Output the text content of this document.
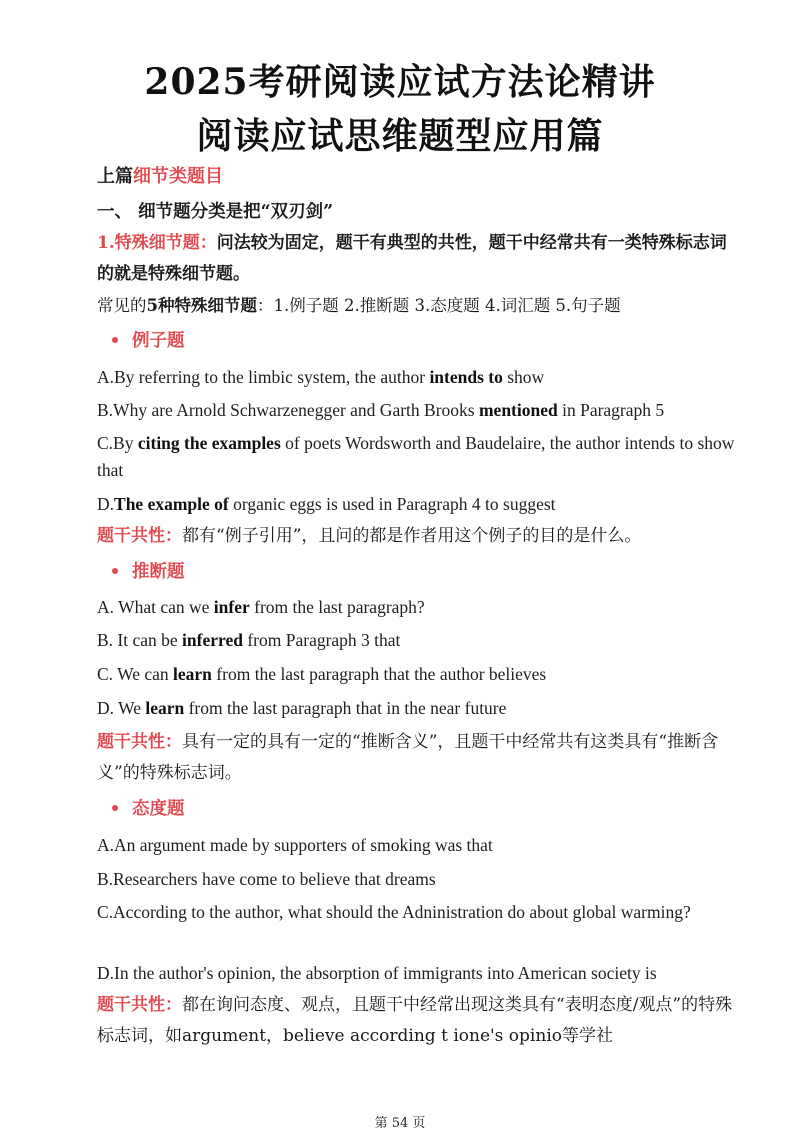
2025考研阅读应试方法论精讲
阅读应试思维题型应用篇
上篇细节类题目
一、 细节题分类是把“双刃剑”
1.特殊细节题：问法较为固定，题干有典型的共性，题干中经常共有一类特殊标志词的就是特殊细节题。
常见的5种特殊细节题：1.例子题 2.推断题 3.态度题 4.词汇题 5.句子题
例子题
A.By referring to the limbic system, the author intends to show
B.Why are Arnold Schwarzenegger and Garth Brooks mentioned in Paragraph 5
C.By citing the examples of poets Wordsworth and Baudelaire, the author intends to show that
D.The example of organic eggs is used in Paragraph 4 to suggest
题干共性：都有“例子引用”，且问的都是作者用这个例子的目的是什么。
推断题
A. What can we infer from the last paragraph?
B. It can be inferred from Paragraph 3 that
C. We can learn from the last paragraph that the author believes
D. We learn from the last paragraph that in the near future
题干共性：具有一定的具有一定的“推断含义”，且题干中经常共有这类具有“推断含义”的特殊标志词。
态度题
A.An argument made by supporters of smoking was that
B.Researchers have come to believe that dreams
C.According to the author, what should the Adninistration do about global warming?
D.In the author's opinion, the absorption of immigrants into American society is
题干共性：都在询问态度、观点，且题干中经常出现这类具有“表明态度/观点”的特殊标志词，如argument，believe according t ione's opinio等学社
第 54 页
